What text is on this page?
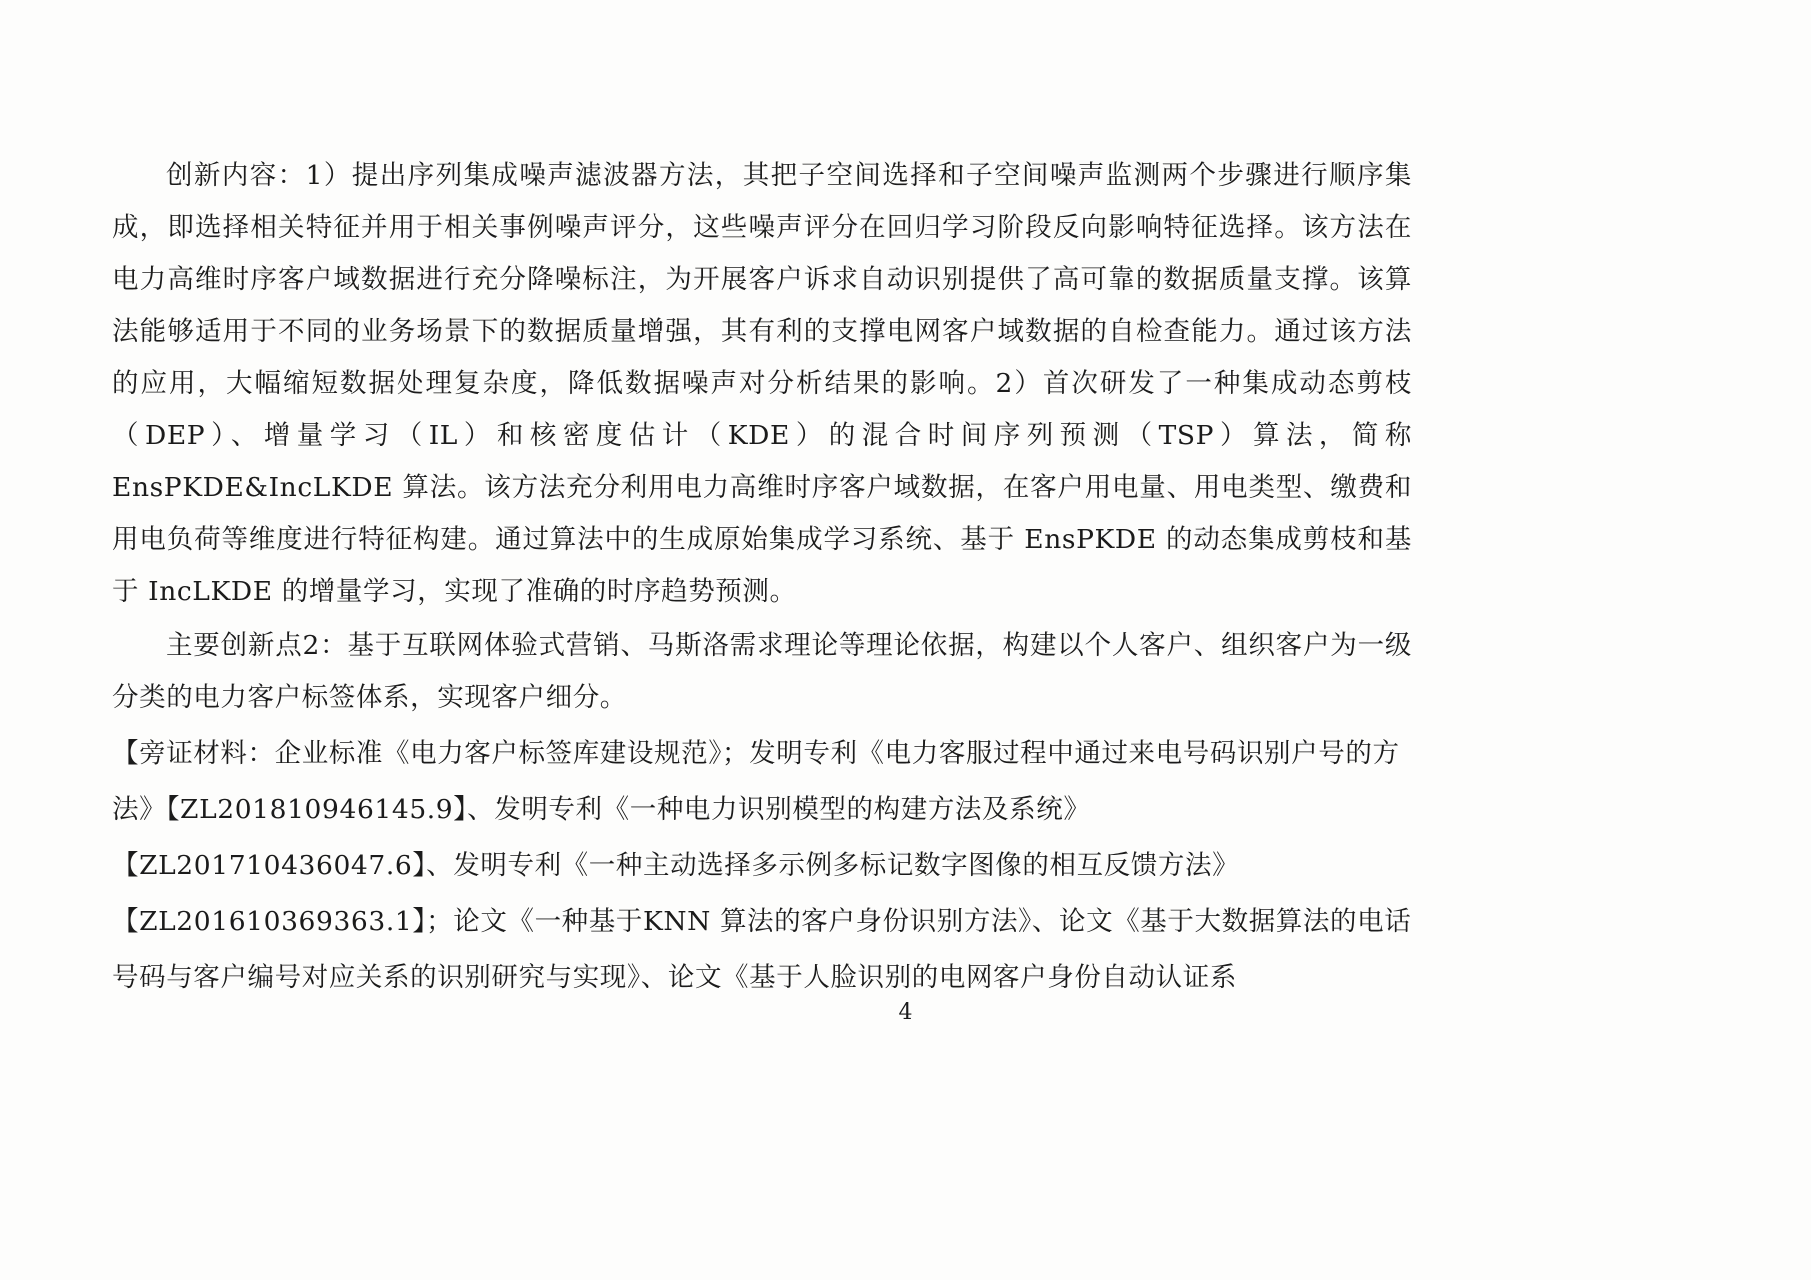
创新内容：1）提出序列集成噪声滤波器方法，其把子空间选择和子空间噪声监测两个步骤进行顺序集成，即选择相关特征并用于相关事例噪声评分，这些噪声评分在回归学习阶段反向影响特征选择。该方法在电力高维时序客户域数据进行充分降噪标注，为开展客户诉求自动识别提供了高可靠的数据质量支撑。该算法能够适用于不同的业务场景下的数据质量增强，其有利的支撑电网客户域数据的自检查能力。通过该方法的应用，大幅缩短数据处理复杂度，降低数据噪声对分析结果的影响。2）首次研发了一种集成动态剪枝（DEP）、增量学习（IL）和核密度估计（KDE）的混合时间序列预测（TSP）算法，简称 EnsPKDE&IncLKDE 算法。该方法充分利用电力高维时序客户域数据，在客户用电量、用电类型、缴费和用电负荷等维度进行特征构建。通过算法中的生成原始集成学习系统、基于 EnsPKDE 的动态集成剪枝和基于 IncLKDE 的增量学习，实现了准确的时序趋势预测。

主要创新点2：基于互联网体验式营销、马斯洛需求理论等理论依据，构建以个人客户、组织客户为一级分类的电力客户标签体系，实现客户细分。

【旁证材料：企业标准《电力客户标签库建设规范》；发明专利《电力客服过程中通过来电号码识别户号的方法》【ZL201810946145.9】、发明专利《一种电力识别模型的构建方法及系统》【ZL201710436047.6】、发明专利《一种主动选择多示例多标记数字图像的相互反馈方法》【ZL201610369363.1】；论文《一种基于KNN 算法的客户身份识别方法》、论文《基于大数据算法的电话号码与客户编号对应关系的识别研究与实现》、论文《基于人脸识别的电网客户身份自动认证系

4
